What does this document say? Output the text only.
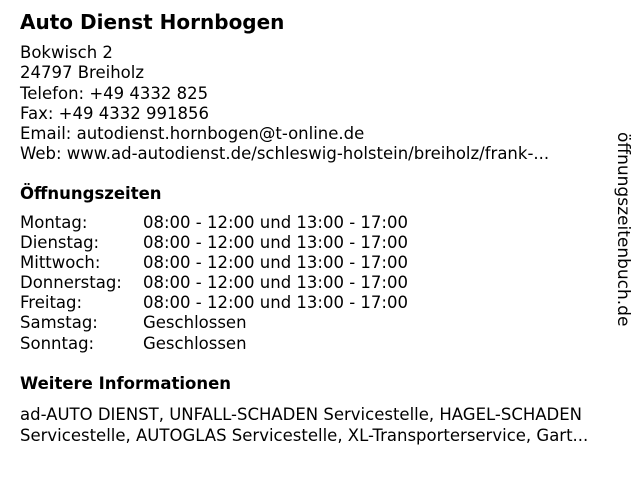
Auto Dienst Hornbogen
Bokwisch 2
24797 Breiholz
Telefon: +49 4332 825
Fax: +49 4332 991856
Email: autodienst.hornbogen@t-online.de
Web: www.ad-autodienst.de/schleswig-holstein/breiholz/frank-...
Öffnungszeiten
Montag:	08:00 - 12:00 und 13:00 - 17:00
Dienstag:	08:00 - 12:00 und 13:00 - 17:00
Mittwoch:	08:00 - 12:00 und 13:00 - 17:00
Donnerstag: 08:00 - 12:00 und 13:00 - 17:00
Freitag:	08:00 - 12:00 und 13:00 - 17:00
Samstag:	Geschlossen
Sonntag:	Geschlossen
Weitere Informationen
ad-AUTO DIENST, UNFALL-SCHADEN Servicestelle, HAGEL-SCHADEN
Servicestelle, AUTOGLAS Servicestelle, XL-Transporterservice, Gart...
öffnungszeitenbuch.de
